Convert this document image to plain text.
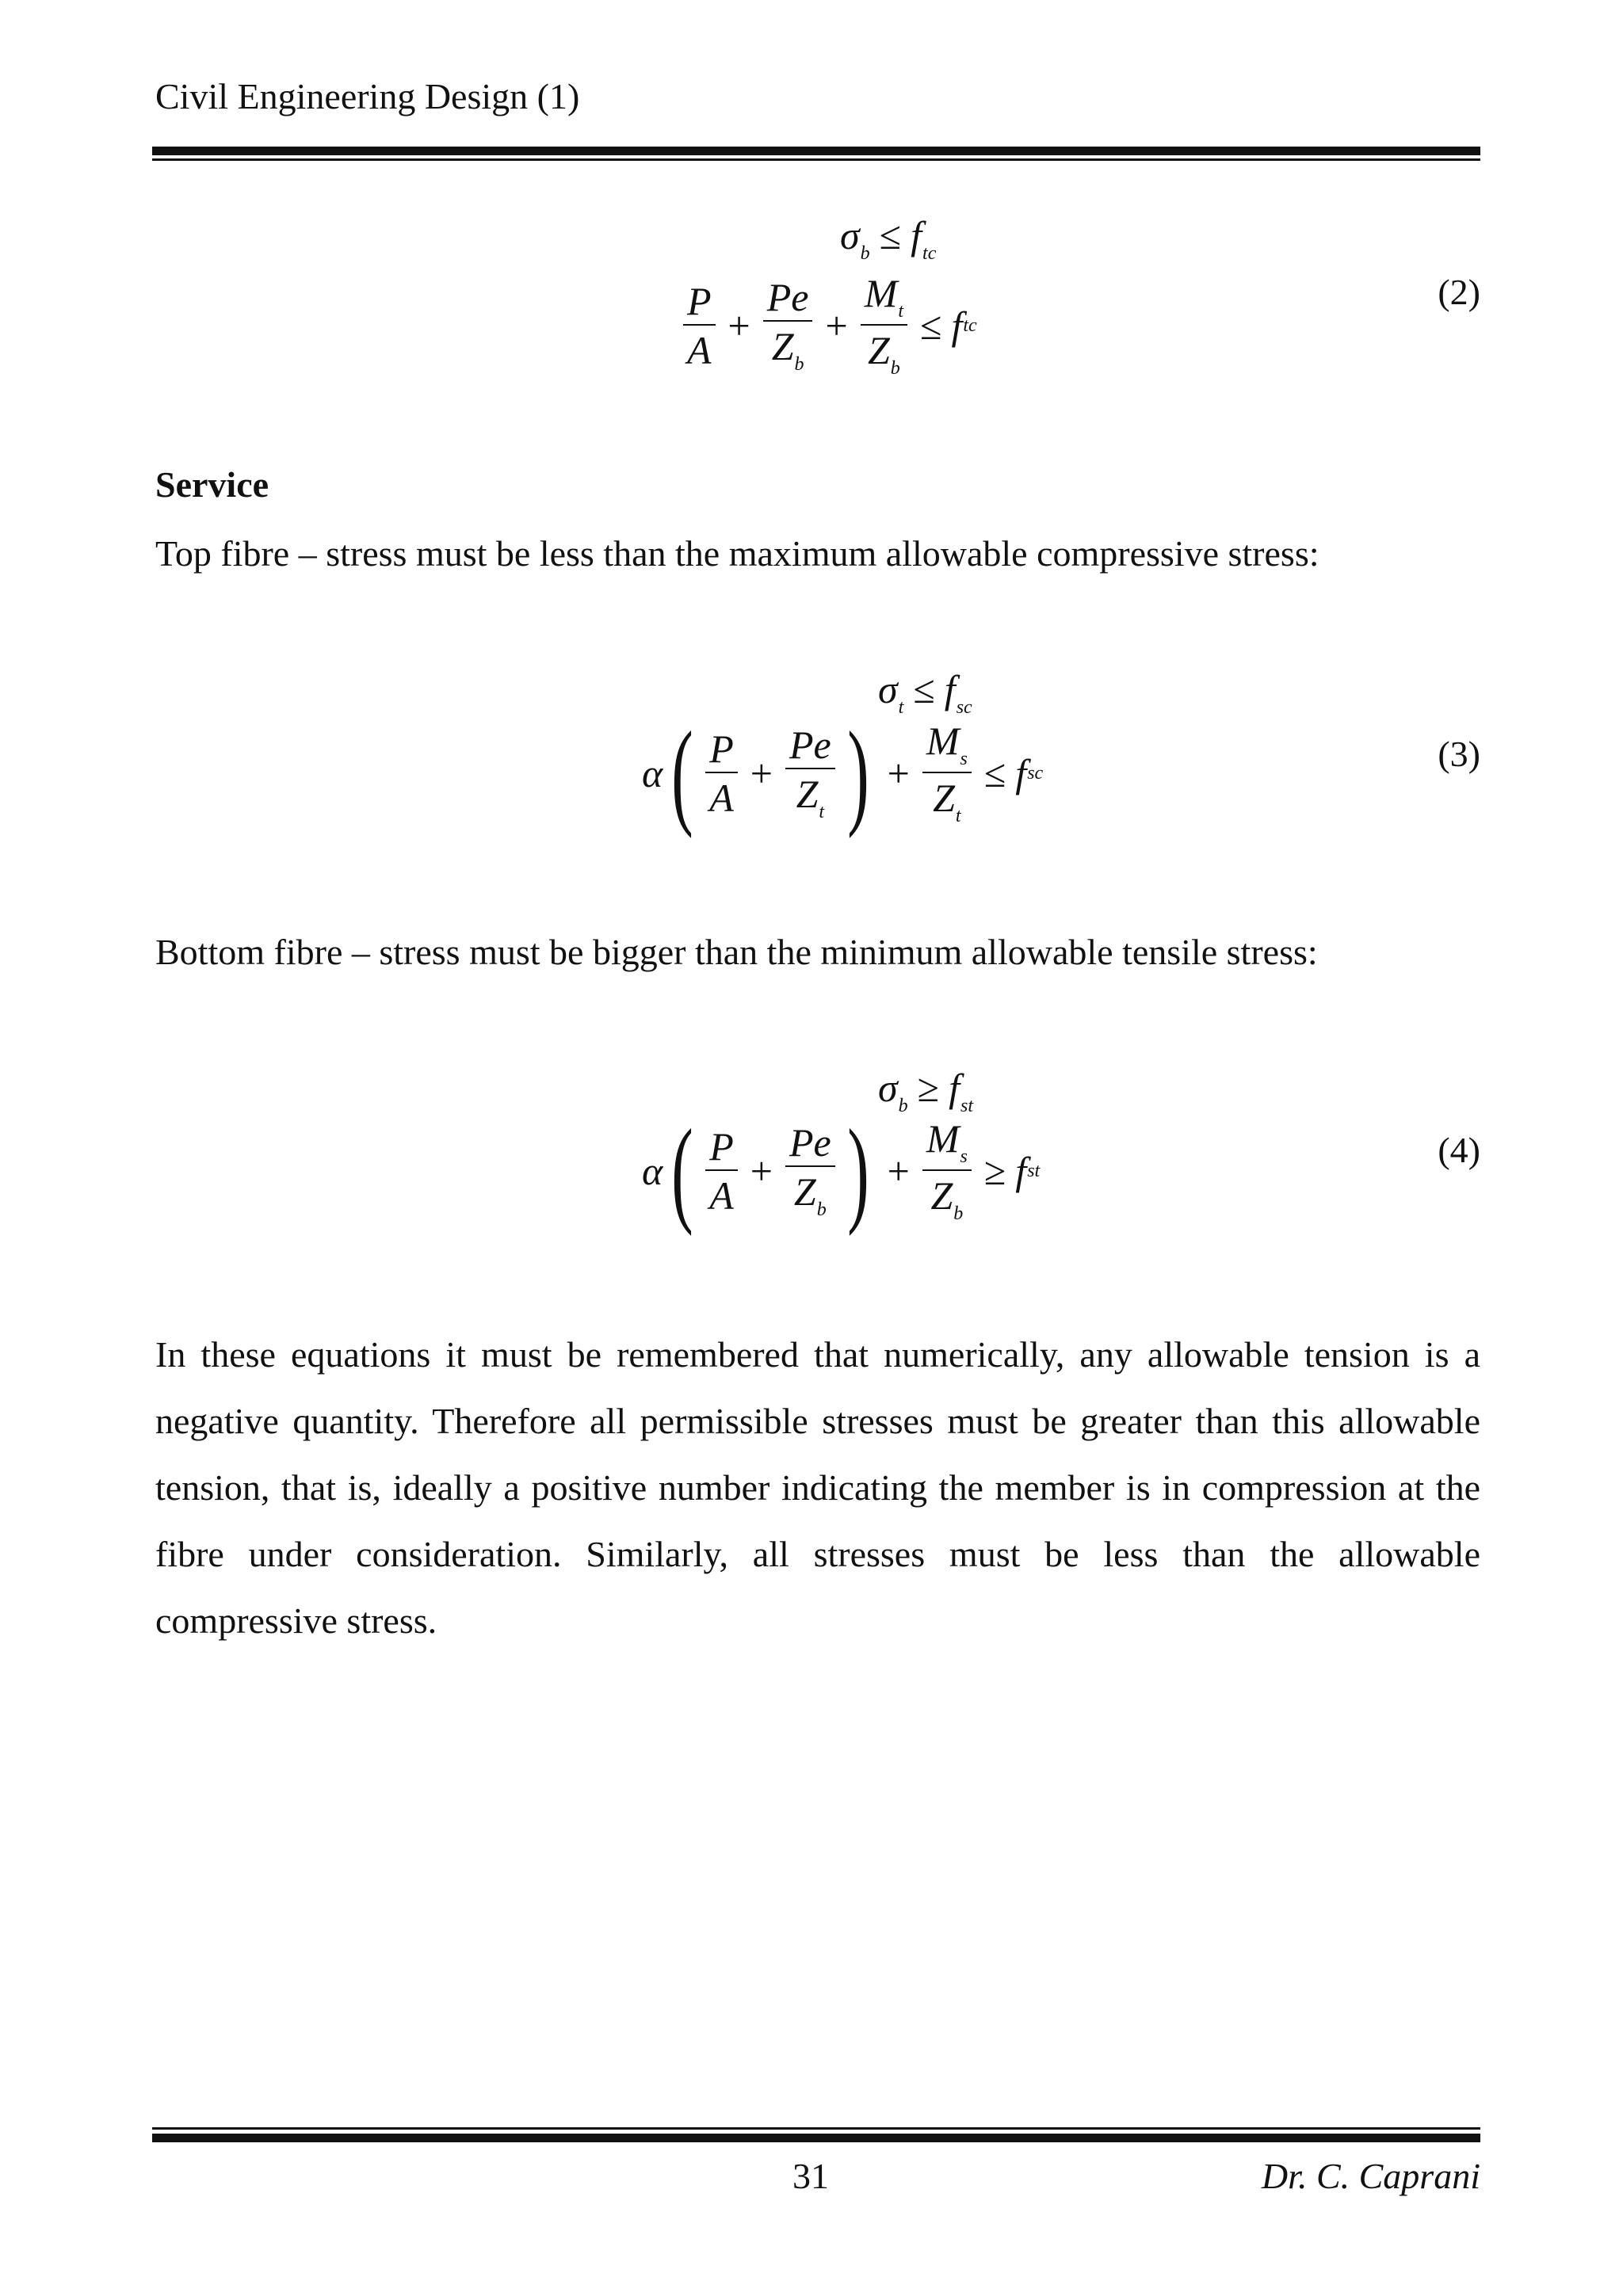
Civil Engineering Design (1)
$\sigma_b \le f_{tc}$
$\frac{P}{A} + \frac{Pe}{Z_b} + \frac{M_t}{Z_b} \le f$ tc
(2)
Service
Top fibre – stress must be less than the maximum allowable compressive stress:
$\sigma_t \le f_{sc}$
α ( $\frac{P}{A} + \frac{Pe}{Z_t}$ ) + $\frac{M_s}{Z_t} \le f$ sc	(3)
Bottom fibre – stress must be bigger than the minimum allowable tensile stress:
$\sigma_b \ge f_{st}$
α ( $\frac{P}{A} + \frac{Pe}{Z_b}$ ) + $\frac{M_s}{Z_b} \ge f$ st
(4)
In these equations it must be remembered that numerically, any allowable tension is a negative quantity. Therefore all permissible stresses must be greater than this allowable tension, that is, ideally a positive number indicating the member is in compression at the fibre under consideration. Similarly, all stresses must be less than the allowable compressive stress.
31	Dr. C. Caprani
